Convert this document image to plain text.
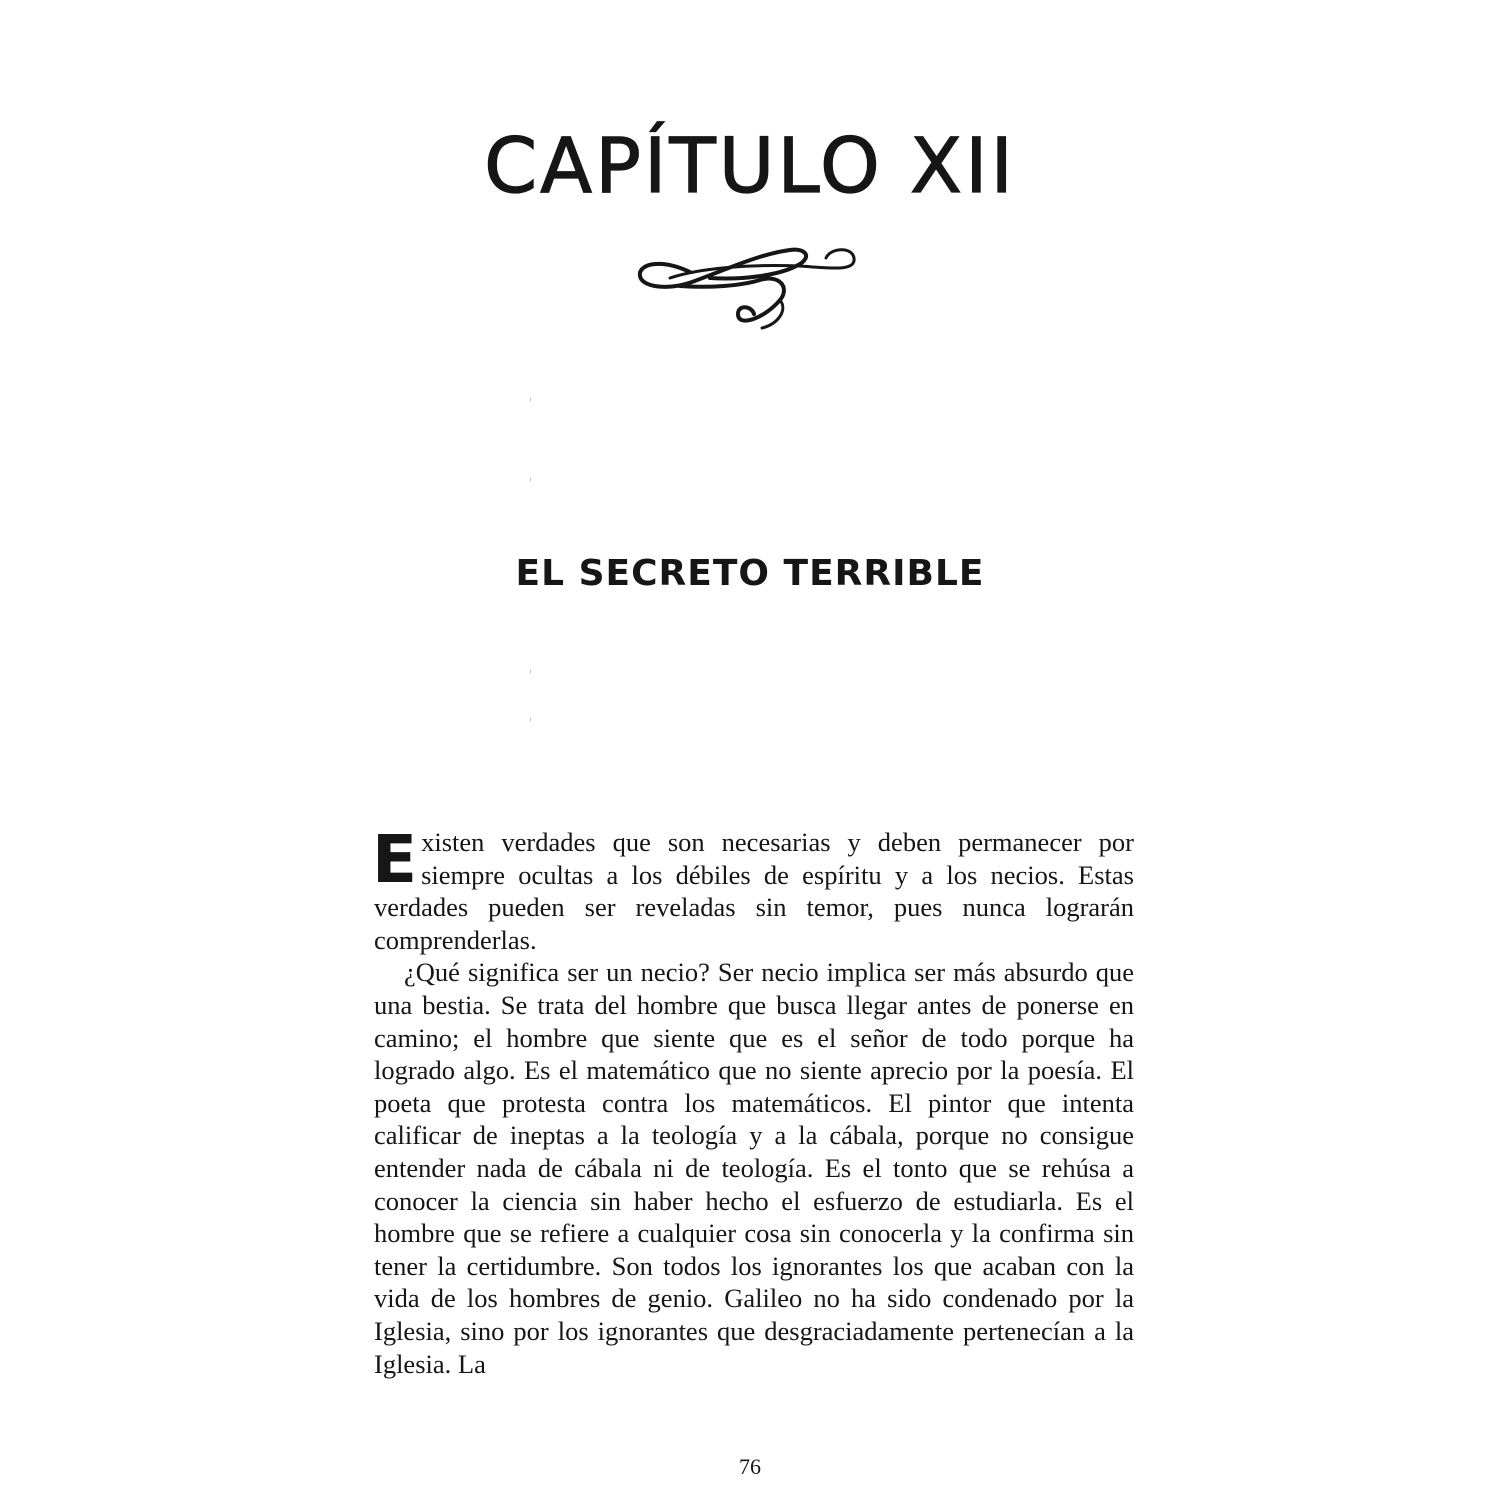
CAPÍTULO XII
EL SECRETO TERRIBLE

Existen verdades que son necesarias y deben permanecer por siempre ocultas a los débiles de espíritu y a los necios. Estas verdades pueden ser reveladas sin temor, pues nunca lograrán comprenderlas.

¿Qué significa ser un necio? Ser necio implica ser más absurdo que una bestia. Se trata del hombre que busca llegar antes de ponerse en camino; el hombre que siente que es el señor de todo porque ha logrado algo. Es el matemático que no siente aprecio por la poesía. El poeta que protesta contra los matemáticos. El pintor que intenta calificar de ineptas a la teología y a la cábala, porque no consigue entender nada de cábala ni de teología. Es el tonto que se rehúsa a conocer la ciencia sin haber hecho el esfuerzo de estudiarla. Es el hombre que se refiere a cualquier cosa sin conocerla y la confirma sin tener la certidumbre. Son todos los ignorantes los que acaban con la vida de los hombres de genio. Galileo no ha sido condenado por la Iglesia, sino por los ignorantes que desgraciadamente pertenecían a la Iglesia. La

76
